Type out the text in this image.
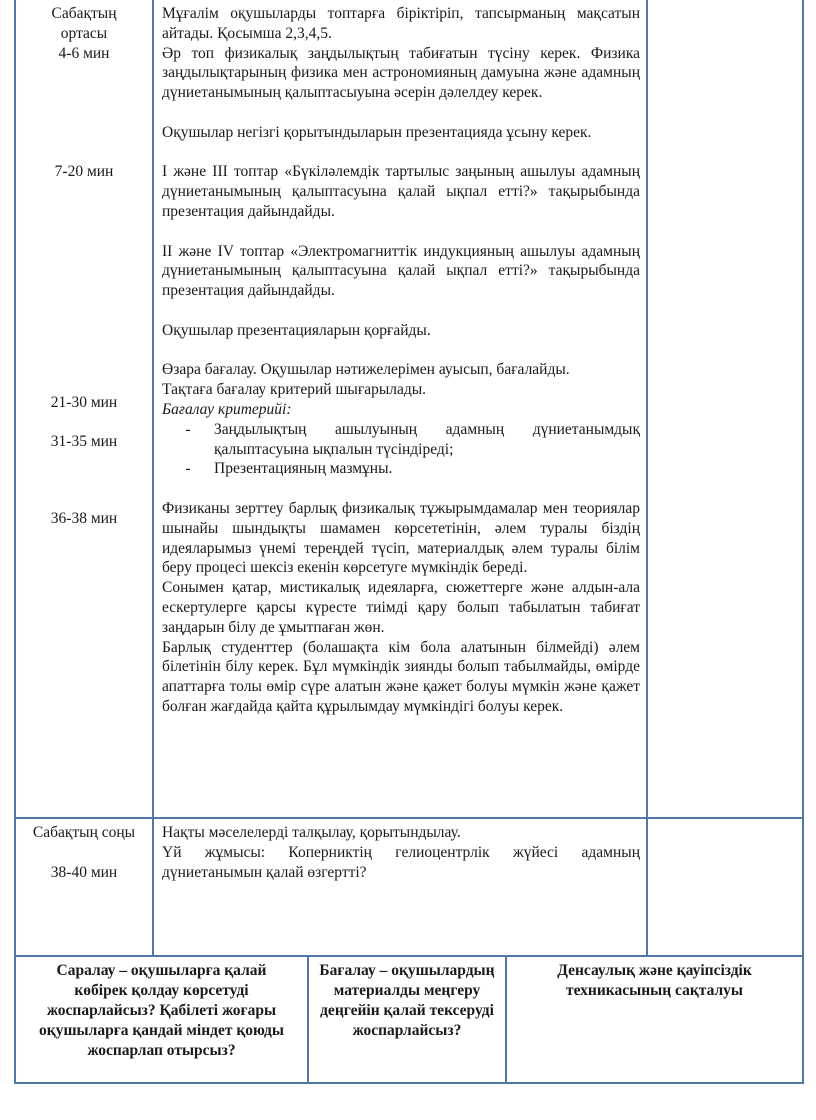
Сабақтың
ортасы
4-6 мин
7-20 мин
21-30 мин
31-35 мин
36-38 мин

Мұғалім оқушыларды топтарға біріктіріп, тапсырманың мақсатын айтады. Қосымша 2,3,4,5.

Әр топ физикалық заңдылықтың табиғатын түсіну керек. Физика заңдылықтарының физика мен астрономияның дамуына және адамның дүниетанымының қалыптасыуына әсерін дәлелдеу керек.

Оқушылар негізгі қорытындыларын презентацияда ұсыну керек.

I және III топтар «Бүкіләлемдік тартылыс заңының ашылуы адамның дүниетанымының қалыптасуына қалай ықпал етті?» тақырыбында презентация дайындайды.

II және IV топтар «Электромагниттік индукцияның ашылуы адамның дүниетанымының қалыптасуына қалай ықпал етті?» тақырыбында презентация дайындайды.

Оқушылар презентацияларын қорғайды.

Өзара бағалау. Оқушылар нәтижелерімен ауысып, бағалайды.

Тақтаға бағалау критерий шығарылады.

Бағалау критерийі:

-	Заңдылықтың ашылуының адамның дүниетанымдық қалыптасуына ықпалын түсіндіреді;
-	Презентацияның мазмұны.

Физиканы зерттеу барлық физикалық тұжырымдамалар мен теориялар шынайы шындықты шамамен көрсететінін, әлем туралы біздің идеяларымыз үнемі тереңдей түсіп, материалдық әлем туралы білім беру процесі шексіз екенін көрсетуге мүмкіндік береді.

Сонымен қатар, мистикалық идеяларға, сюжеттерге және алдын-ала ескертулерге қарсы күресте тиімді қару болып табылатын табиғат заңдарын білу де ұмытпаған жөн.

Барлық студенттер (болашақта кім бола алатынын білмейді) әлем білетінін білу керек. Бұл мүмкіндік зиянды болып табылмайды, өмірде апаттарға толы өмір сүре алатын және қажет болуы мүмкін және қажет болған жағдайда қайта құрылымдау мүмкіндігі болуы керек.

Сабақтың соңы
38-40 мин

Нақты мәселелерді талқылау, қорытындылау.

Үй жұмысы: Коперниктің гелиоцентрлік жүйесі адамның дүниетанымын қалай өзгертті?

Саралау – оқушыларға қалай көбірек қолдау көрсетуді жоспарлайсыз? Қабілеті жоғары оқушыларға қандай міндет қоюды жоспарлап отырсыз?
Бағалау – оқушылардың материалды меңгеру деңгейін қалай тексеруді жоспарлайсыз?
Денсаулық және қауіпсіздік техникасының сақталуы
